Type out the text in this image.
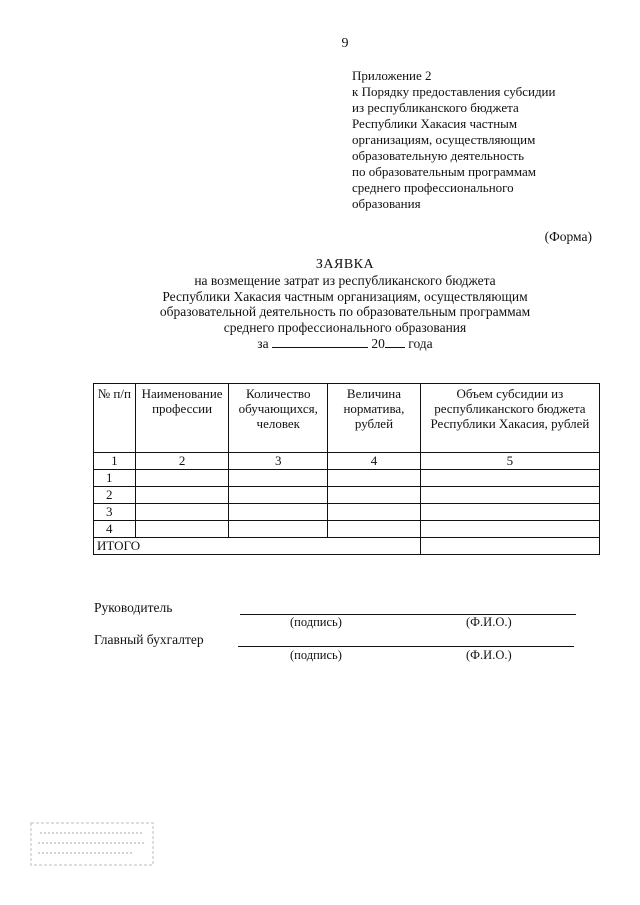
9
Приложение 2
к Порядку предоставления субсидии
из республиканского бюджета
Республики Хакасия частным
организациям, осуществляющим
образовательную деятельность
по образовательным программам
среднего профессионального
образования
(Форма)
ЗАЯВКА
на возмещение затрат из республиканского бюджета
Республики Хакасия частным организациям, осуществляющим
образовательной деятельность по образовательным программам
среднего профессионального образования
за	20 года
№ п/п	Наименование профессии	Количество обучающихся, человек	Величина норматива, рублей	Объем субсидии из республиканского бюджета Республики Хакасия, рублей
1	2	3	4	5
1				
2				
3				
4				
ИТОГО				
Руководитель
(подпись)	(Ф.И.О.)
Главный бухгалтер
(подпись)	(Ф.И.О.)
